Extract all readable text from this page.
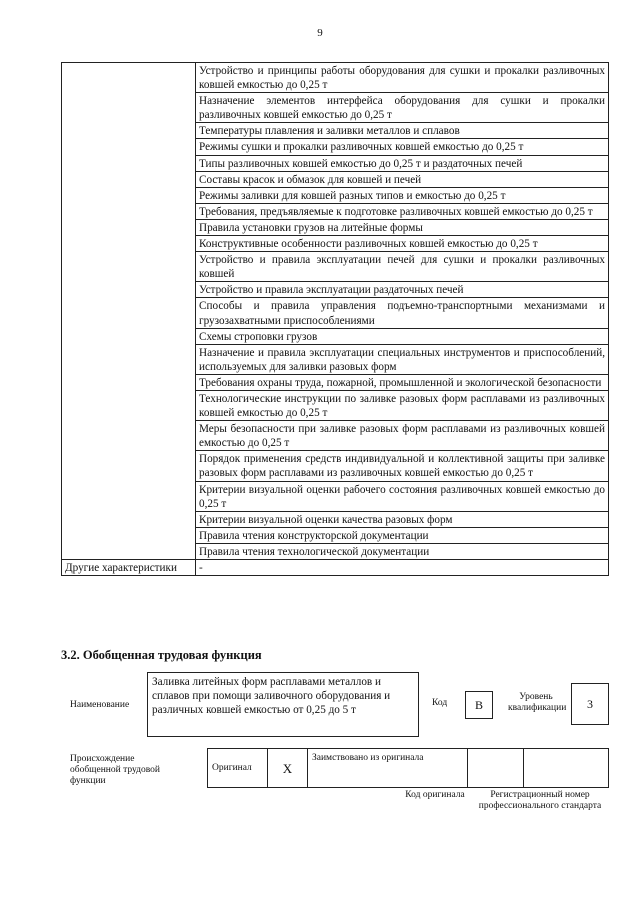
9
	Устройство и принципы работы оборудования для сушки и прокалки разливочных ковшей емкостью до 0,25 т
	Назначение элементов интерфейса оборудования для сушки и прокалки разливочных ковшей емкостью до 0,25 т
	Температуры плавления и заливки металлов и сплавов
	Режимы сушки и прокалки разливочных ковшей емкостью до 0,25 т
	Типы разливочных ковшей емкостью до 0,25 т и раздаточных печей
	Составы красок и обмазок для ковшей и печей
	Режимы заливки для ковшей разных типов и емкостью до 0,25 т
	Требования, предъявляемые к подготовке разливочных ковшей емкостью до 0,25 т
	Правила установки грузов на литейные формы
	Конструктивные особенности разливочных ковшей емкостью до 0,25 т
	Устройство и правила эксплуатации печей для сушки и прокалки разливочных ковшей
	Устройство и правила эксплуатации раздаточных печей
	Способы и правила управления подъемно-транспортными механизмами и грузозахватными приспособлениями
	Схемы строповки грузов
	Назначение и правила эксплуатации специальных инструментов и приспособлений, используемых для заливки разовых форм
	Требования охраны труда, пожарной, промышленной и экологической безопасности
	Технологические инструкции по заливке разовых форм расплавами из разливочных ковшей емкостью до 0,25 т
	Меры безопасности при заливке разовых форм расплавами из разливочных ковшей емкостью до 0,25 т
	Порядок применения средств индивидуальной и коллективной защиты при заливке разовых форм расплавами из разливочных ковшей емкостью до 0,25 т
	Критерии визуальной оценки рабочего состояния разливочных ковшей емкостью до 0,25 т
	Критерии визуальной оценки качества разовых форм
	Правила чтения конструкторской документации
	Правила чтения технологической документации
Другие характеристики	-
3.2. Обобщенная трудовая функция
Наименование
Заливка литейных форм расплавами металлов и сплавов при помощи заливочного оборудования и различных ковшей емкостью от 0,25 до 5 т
Код	B
Уровень квалификации	3
Происхождение обобщенной трудовой функции
Оригинал	X	Заимствовано из оригинала		
Код оригинала	Регистрационный номер профессионального стандарта
